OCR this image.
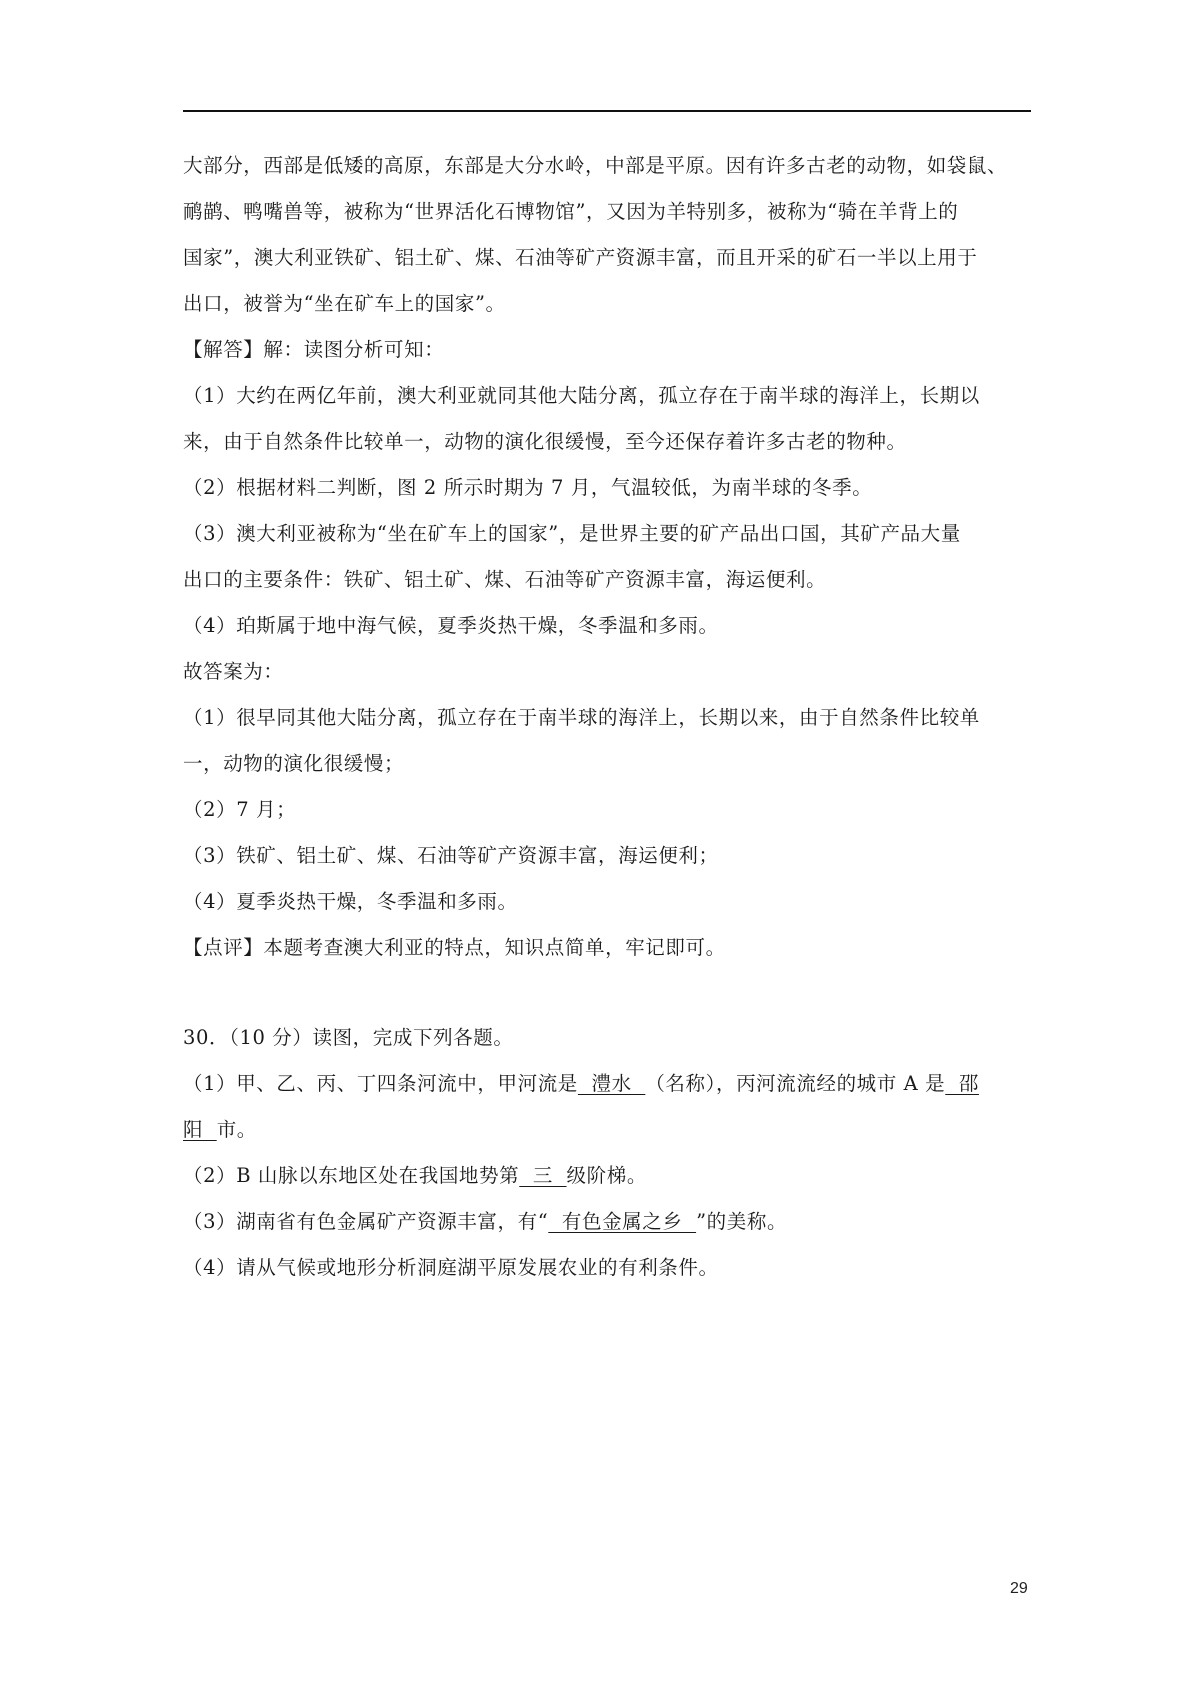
大部分，西部是低矮的高原，东部是大分水岭，中部是平原。因有许多古老的动物，如袋鼠、
鸸鹋、鸭嘴兽等，被称为“世界活化石博物馆”，又因为羊特别多，被称为“骑在羊背上的
国家”，澳大利亚铁矿、铝土矿、煤、石油等矿产资源丰富，而且开采的矿石一半以上用于
出口，被誉为“坐在矿车上的国家”。
【解答】解：读图分析可知：
（1）大约在两亿年前，澳大利亚就同其他大陆分离，孤立存在于南半球的海洋上，长期以
来，由于自然条件比较单一，动物的演化很缓慢，至今还保存着许多古老的物种。
（2）根据材料二判断，图 2 所示时期为 7 月，气温较低，为南半球的冬季。
（3）澳大利亚被称为“坐在矿车上的国家”，是世界主要的矿产品出口国，其矿产品大量
出口的主要条件：铁矿、铝土矿、煤、石油等矿产资源丰富，海运便利。
（4）珀斯属于地中海气候，夏季炎热干燥，冬季温和多雨。
故答案为：
（1）很早同其他大陆分离，孤立存在于南半球的海洋上，长期以来，由于自然条件比较单
一，动物的演化很缓慢；
（2）7 月；
（3）铁矿、铝土矿、煤、石油等矿产资源丰富，海运便利；
（4）夏季炎热干燥，冬季温和多雨。
【点评】本题考查澳大利亚的特点，知识点简单，牢记即可。
30．（10 分）读图，完成下列各题。
（1）甲、乙、丙、丁四条河流中，甲河流是  澧水  （名称），丙河流流经的城市 A 是  邵
阳  市。
（2）B 山脉以东地区处在我国地势第  三  级阶梯。
（3）湖南省有色金属矿产资源丰富，有“  有色金属之乡  ”的美称。
（4）请从气候或地形分析洞庭湖平原发展农业的有利条件。
29
